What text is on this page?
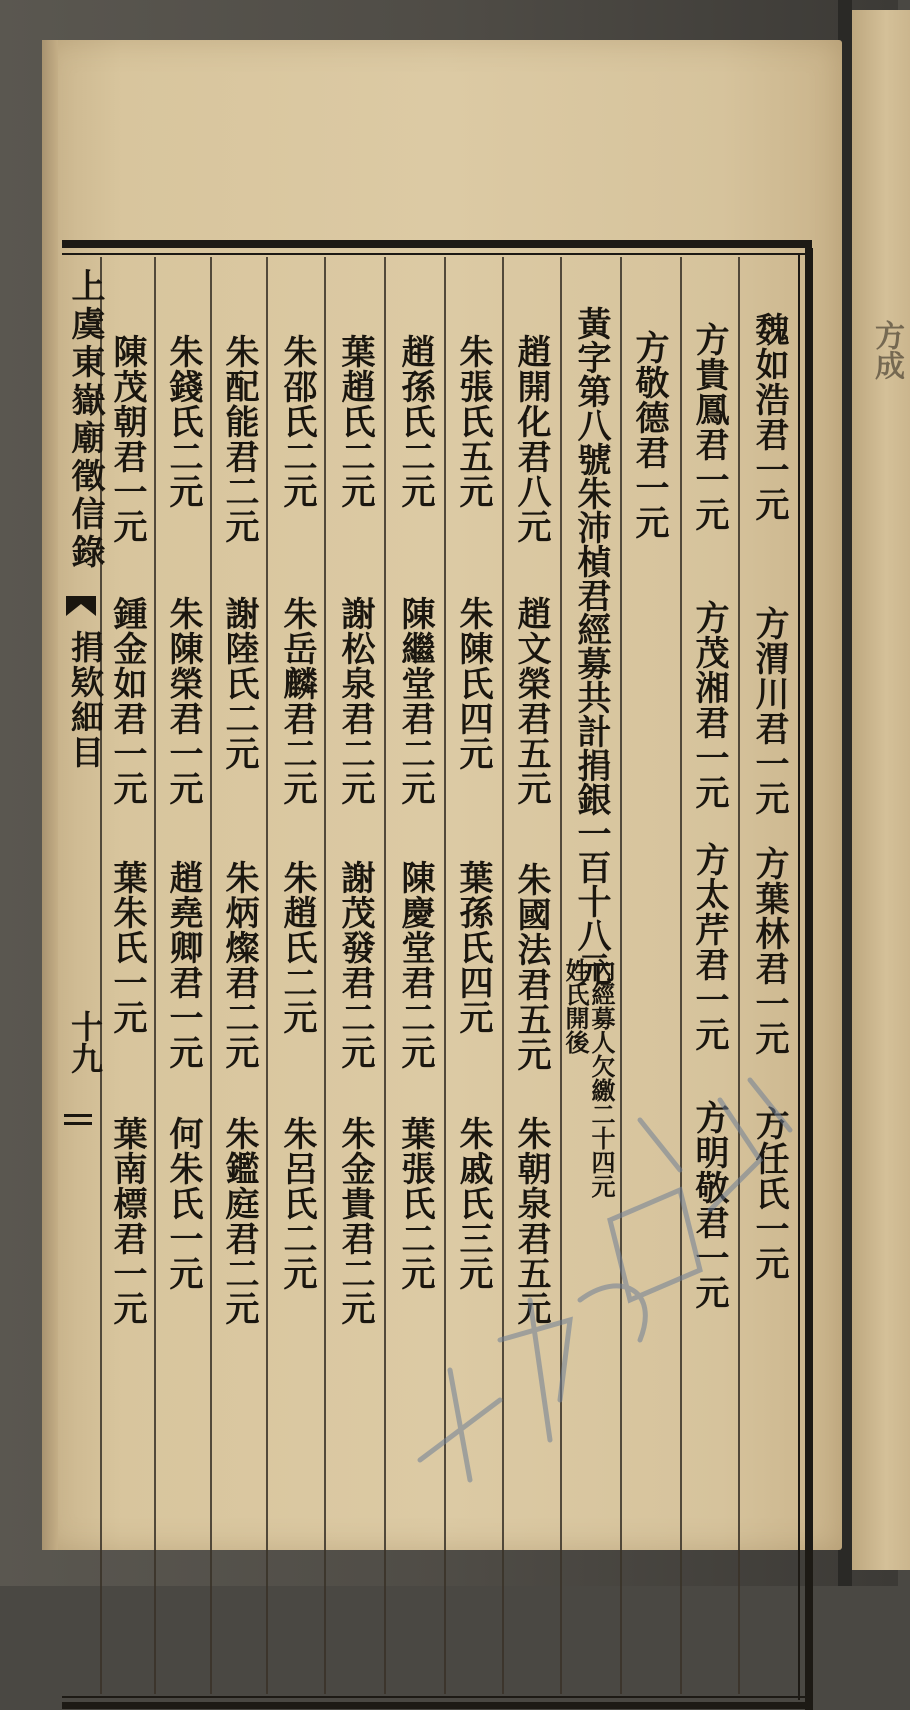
方成
上虞東嶽廟徵信錄
捐欵細目
十九
魏如浩君一元
方渭川君一元
方葉林君一元
方任氏一元
方貴鳳君一元
方茂湘君一元
方太芹君一元
方明敬君一元
方敬德君一元
黃字第八號朱沛楨君經募共計捐銀一百十八元
內經募人欠繳二十四元
姓氏開後
趙開化君八元
趙文榮君五元
朱國法君五元
朱朝泉君五元
朱張氏五元
朱陳氏四元
葉孫氏四元
朱戚氏三元
趙孫氏二元
陳繼堂君二元
陳慶堂君二元
葉張氏二元
葉趙氏二元
謝松泉君二元
謝茂發君二元
朱金貴君二元
朱邵氏二元
朱岳麟君二元
朱趙氏二元
朱呂氏二元
朱配能君二元
謝陸氏二元
朱炳燦君二元
朱鑑庭君二元
朱錢氏二元
朱陳榮君一元
趙堯卿君一元
何朱氏一元
陳茂朝君一元
鍾金如君一元
葉朱氏一元
葉南標君一元
